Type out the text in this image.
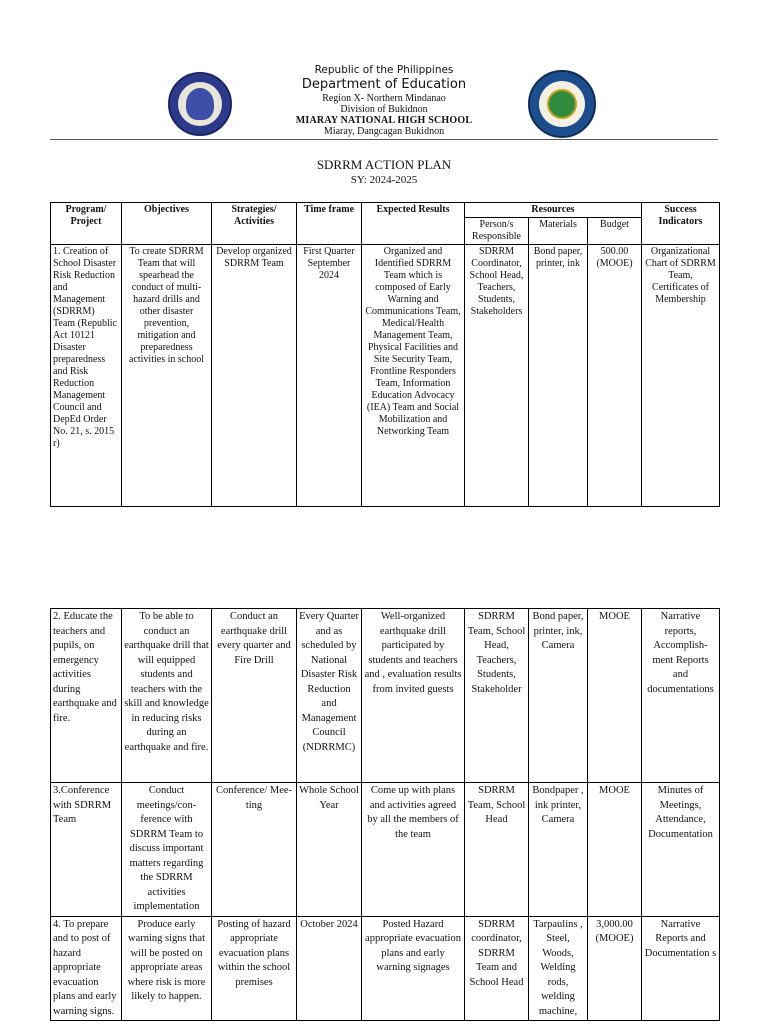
Republic of the Philippines
Department of Education
Region X- Northern Mindanao
Division of Bukidnon
MIARAY NATIONAL HIGH SCHOOL
Miaray, Dangcagan Bukidnon
SDRRM ACTION PLAN
SY: 2024-2025
Program/ Project	Objectives	Strategies/ Activities	Time frame	Expected Results	Resources			Success Indicators
					Person/s Responsible	Materials	Budget	
1. Creation of School Disaster Risk Reduction and Management (SDRRM) Team (Republic Act 10121 Disaster preparedness and Risk Reduction Management Council and DepEd Order No. 21, s. 2015 r)	To create SDRRM Team that will spearhead the conduct of multi-hazard drills and other disaster prevention, mitigation and preparedness activities in school	Develop organized SDRRM Team	First Quarter September 2024	Organized and Identified SDRRM Team which is composed of Early Warning and Communications Team, Medical/Health Management Team, Physical Facilities and Site Security Team, Frontline Responders Team, Information Education Advocacy (IEA) Team and Social Mobilization and Networking Team	SDRRM Coordinator, School Head, Teachers, Students, Stakeholders	Bond paper, printer, ink	500.00 (MOOE)	Organizational Chart of SDRRM Team, Certificates of Membership
2. Educate the teachers and pupils, on emergency activities during earthquake and fire.	To be able to conduct an earthquake drill that will equipped students and teachers with the skill and knowledge in reducing risks during an earthquake and fire.	Conduct an earthquake drill every quarter and Fire Drill	Every Quarter and as scheduled by National Disaster Risk Reduction and Management Council (NDRRMC)	Well-organized earthquake drill participated by students and teachers and , evaluation results from invited guests	SDRRM Team, School Head, Teachers, Students, Stakeholder	Bond paper, printer, ink, Camera	MOOE	Narrative reports, Accomplish-ment Reports and documentations
3.Conference with SDRRM Team	Conduct meetings/con-ference with SDRRM Team to discuss important matters regarding the SDRRM activities implementation	Conference/ Mee-ting	Whole School Year	Come up with plans and activities agreed by all the members of the team	SDRRM Team, School Head	Bondpaper , ink printer, Camera	MOOE	Minutes of Meetings, Attendance, Documentation
4. To prepare and to post of hazard appropriate evacuation plans and early warning signs.	Produce early warning signs that will be posted on appropriate areas where risk is more likely to happen.	Posting of hazard appropriate evacuation plans within the school premises	October 2024	Posted Hazard appropriate evacuation plans and early warning signages	SDRRM coordinator, SDRRM Team and School Head	Tarpaulins , Steel, Woods, Welding rods, welding machine,	3,000.00 (MOOE)	Narrative Reports and Documentation s
